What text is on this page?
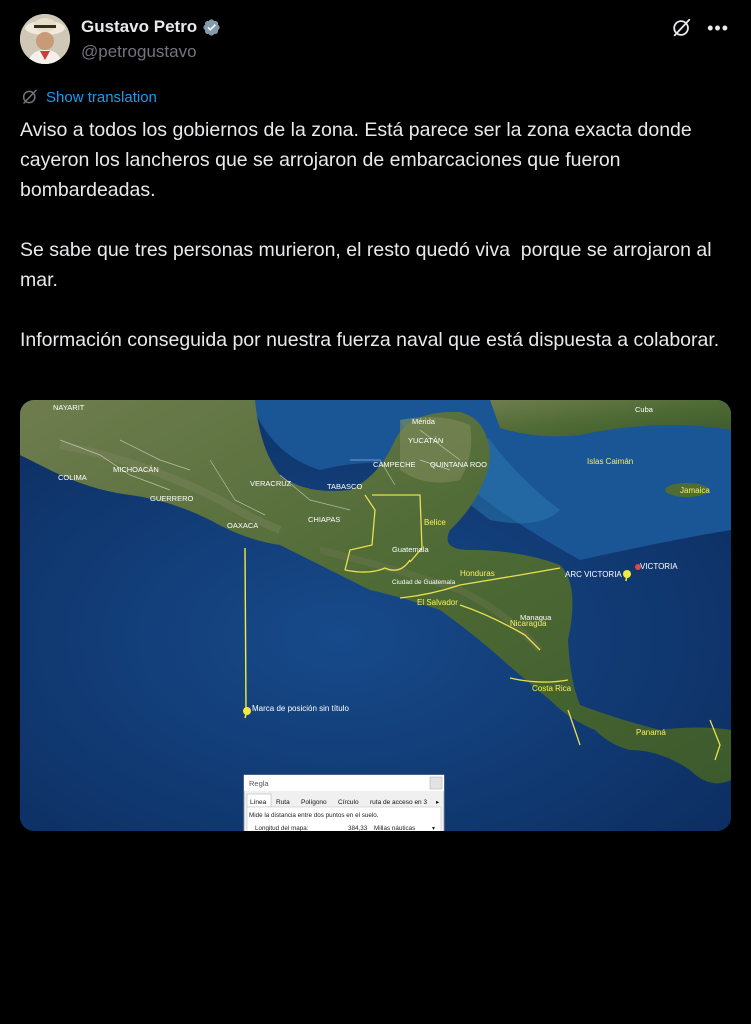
Gustavo Petro
@petrogustavo
•••
Show translation
Aviso a todos los gobiernos de la zona. Está parece ser la zona exacta donde cayeron los lancheros que se arrojaron de embarcaciones que fueron bombardeadas.

Se sabe que tres personas murieron, el resto quedó viva  porque se arrojaron al mar.

Información conseguida por nuestra fuerza naval que está dispuesta a colaborar.
NAYARIT
MICHOACÁN
COLIMA
GUERRERO
OAXACA
VERACRUZ	TABASCO
CAMPECHE
YUCATÁN
Mérida
QUINTANA ROO
CHIAPAS
Guatemala
Ciudad de Guatemala
Cuba
Managua
Belice
El Salvador
Honduras
Nicaragua
Costa Rica
Panamá
Islas Caimán
Jamaica
ARC VICTORIA
VICTORIA
Marca de posición sin título
Regla
Línea Ruta Polígono Círculo ruta de acceso en 3 ▸
Mide la distancia entre dos puntos en el suelo.
Longitud del mapa:	384,33 Millas náuticas	▾
